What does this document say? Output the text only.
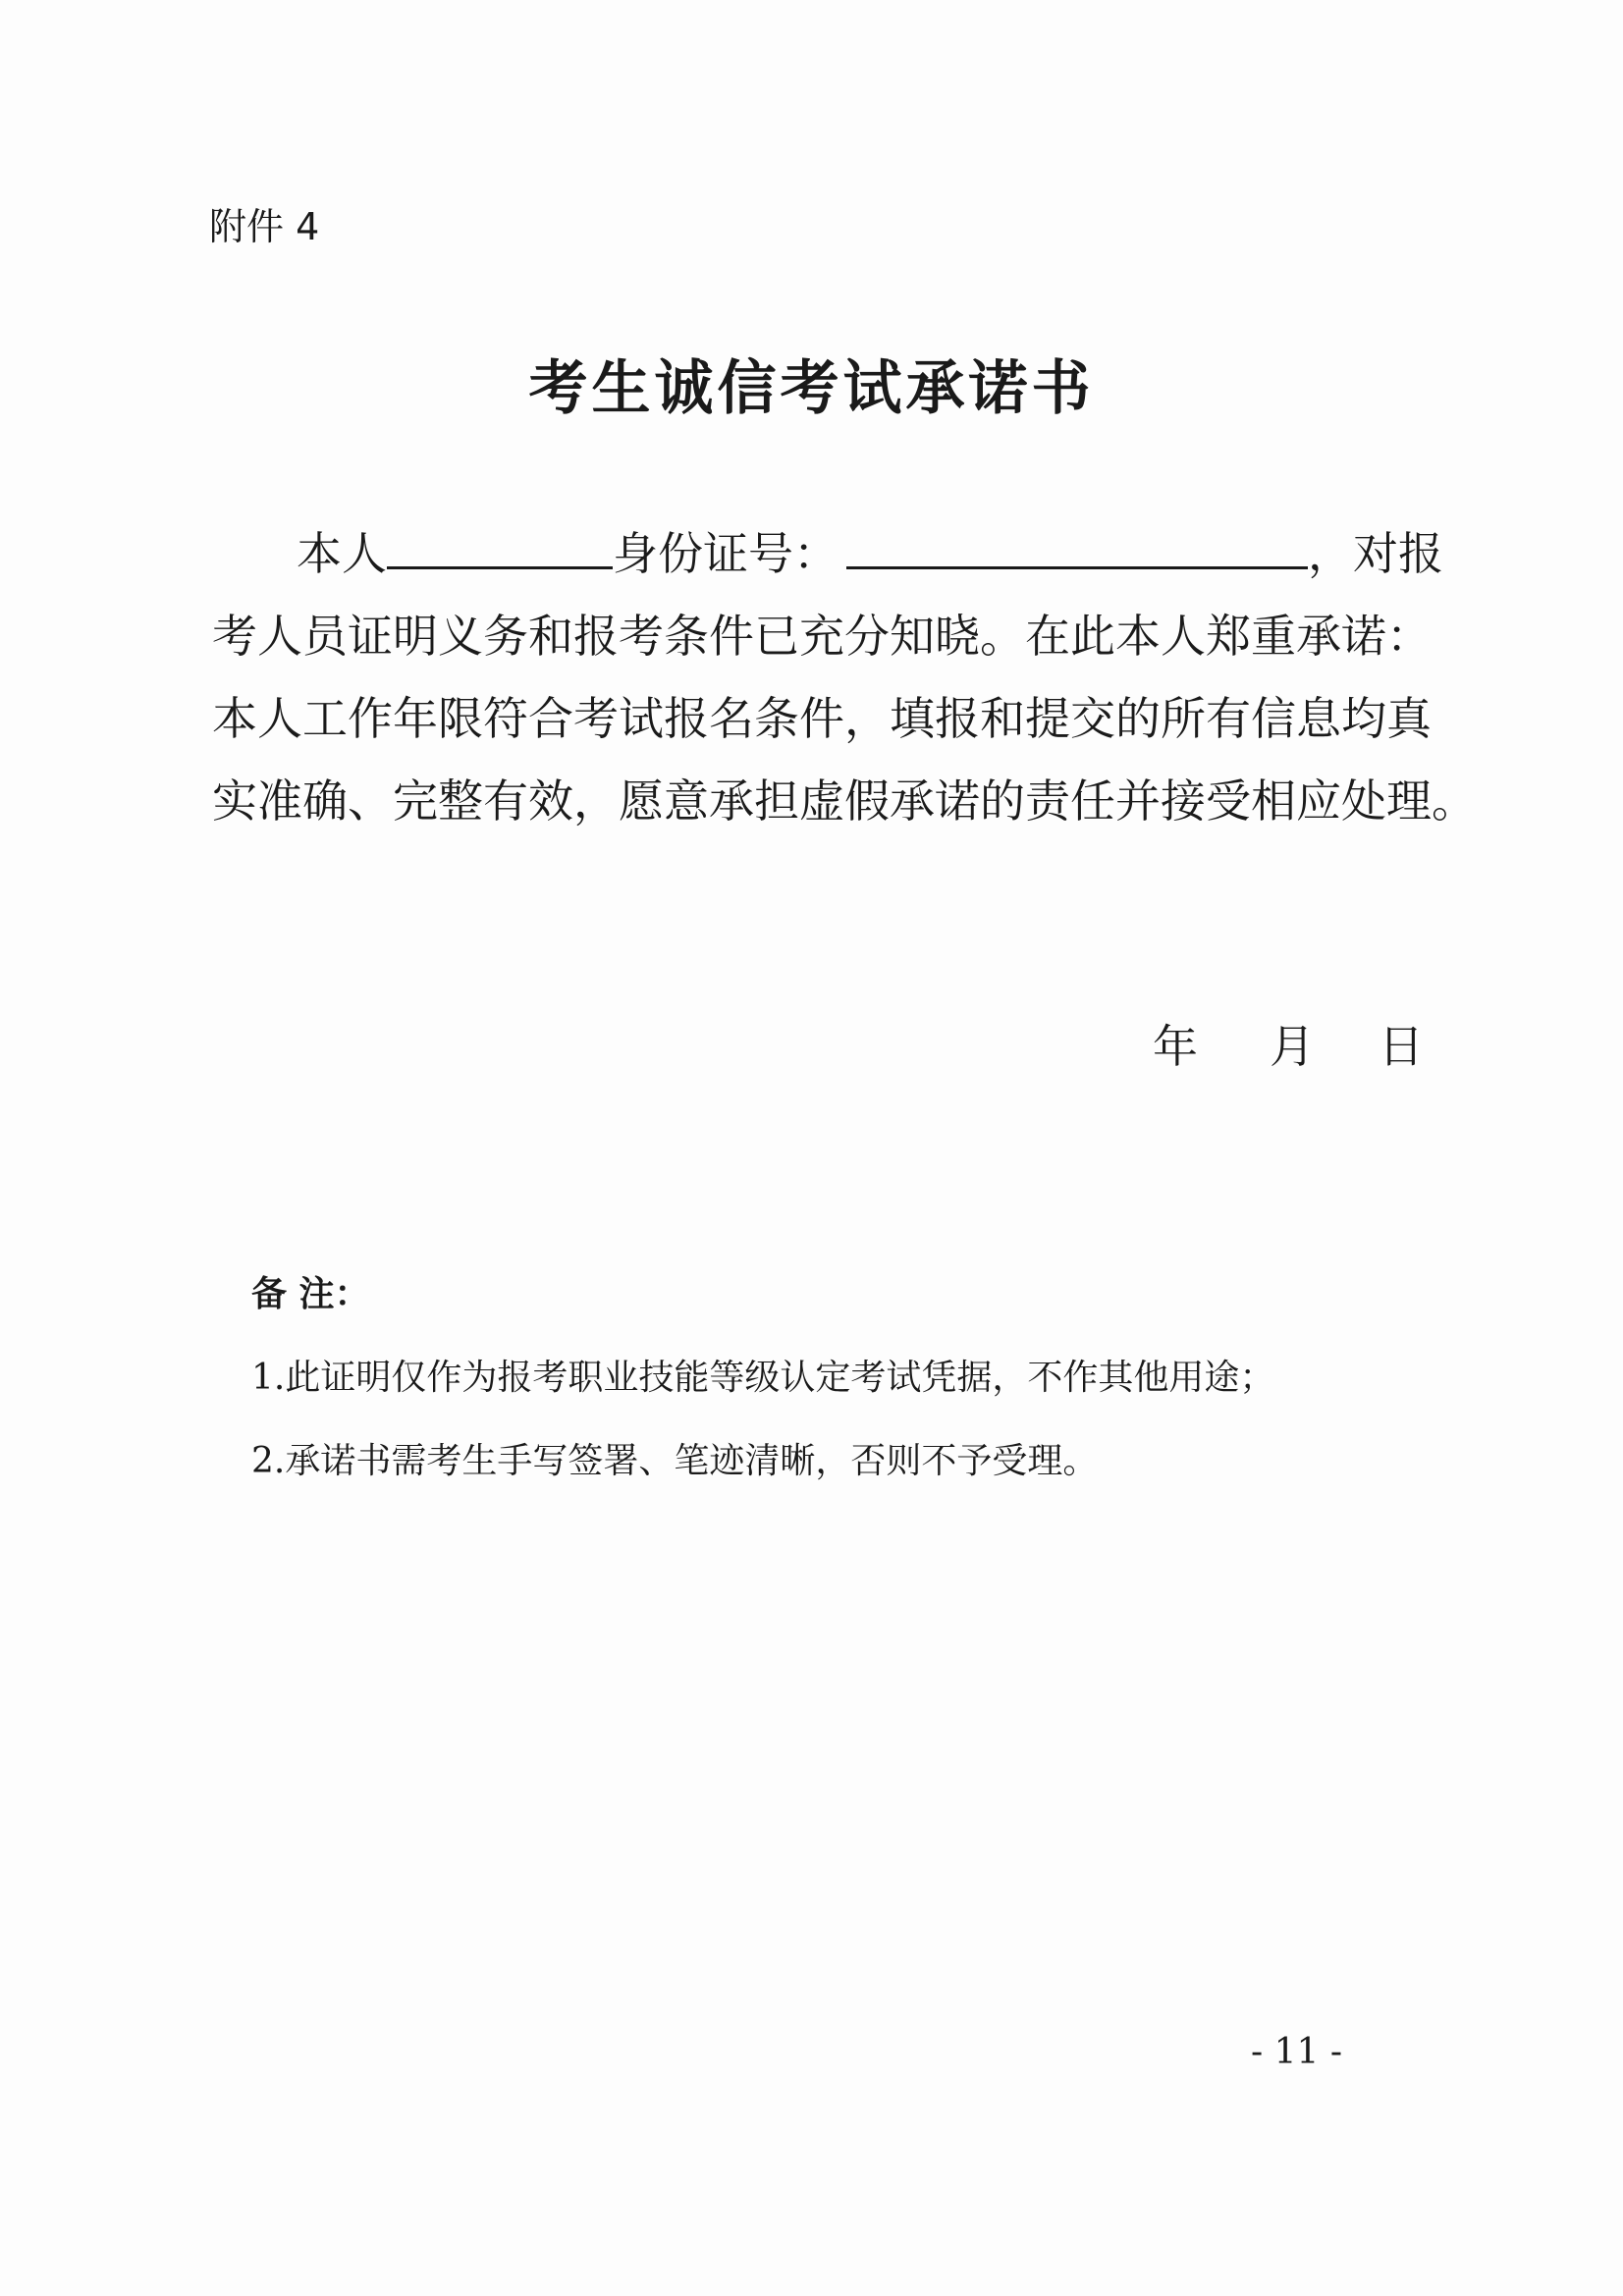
附件 4
考生诚信考试承诺书
本人	身份证号：	，对报
考人员证明义务和报考条件已充分知晓。在此本人郑重承诺：
本人工作年限符合考试报名条件，填报和提交的所有信息均真
实准确、完整有效，愿意承担虚假承诺的责任并接受相应处理。
年 月 日
备 注：
1.此证明仅作为报考职业技能等级认定考试凭据，不作其他用途；
2.承诺书需考生手写签署、笔迹清晰，否则不予受理。
- 11 -
